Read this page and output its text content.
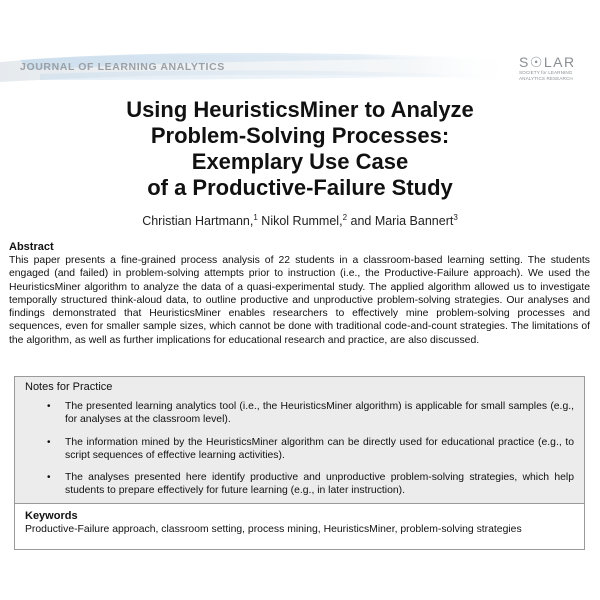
JOURNAL OF LEARNING ANALYTICS	S☉LAR
SOCIETY for LEARNING
ANALYTICS RESEARCH
Using HeuristicsMiner to Analyze
Problem-Solving Processes:
Exemplary Use Case
of a Productive-Failure Study
Christian Hartmann,$^1$ Nikol Rummel,$^2$ and Maria Bannert$^3$
Abstract
This paper presents a fine-grained process analysis of 22 students in a classroom-based learning setting. The students engaged (and failed) in problem-solving attempts prior to instruction (i.e., the Productive-Failure approach). We used the HeuristicsMiner algorithm to analyze the data of a quasi-experimental study. The applied algorithm allowed us to investigate temporally structured think-aloud data, to outline productive and unproductive problem-solving strategies. Our analyses and findings demonstrated that HeuristicsMiner enables researchers to effectively mine problem-solving processes and sequences, even for smaller sample sizes, which cannot be done with traditional code-and-count strategies. The limitations of the algorithm, as well as further implications for educational research and practice, are also discussed.
Notes for Practice
• The presented learning analytics tool (i.e., the HeuristicsMiner algorithm) is applicable for small samples (e.g., for analyses at the classroom level).
• The information mined by the HeuristicsMiner algorithm can be directly used for educational practice (e.g., to script sequences of effective learning activities).
• The analyses presented here identify productive and unproductive problem-solving strategies, which help students to prepare effectively for future learning (e.g., in later instruction).
Keywords
Productive-Failure approach, classroom setting, process mining, HeuristicsMiner, problem-solving strategies
